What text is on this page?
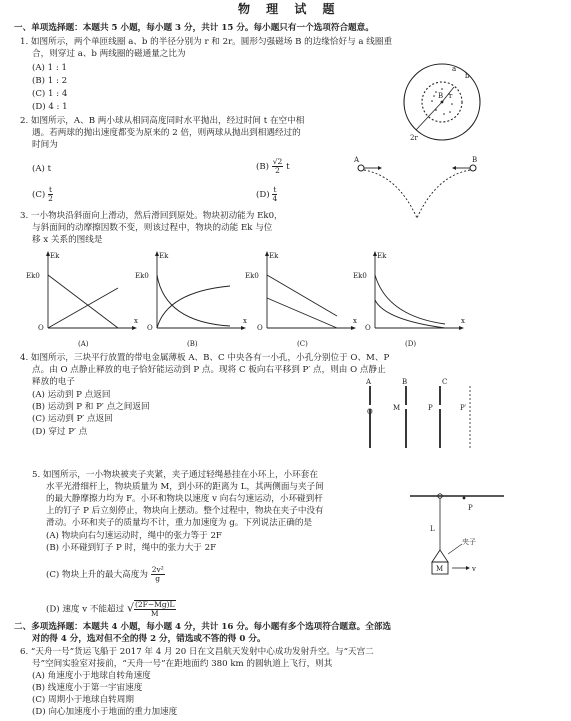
物 理 试 题
一、单项选择题：本题共 5 小题，每小题 3 分，共计 15 分。每小题只有一个选项符合题意。
1. 如图所示，两个单匝线圈 a、b 的半径分别为 r 和 2r。圆形匀强磁场 B 的边缘恰好与 a 线圈重
合，则穿过 a、b 两线圈的磁通量之比为
(A) 1 : 1
(B) 1 : 2
(C) 1 : 4
(D) 4 : 1
a
b
B r
2r
2. 如图所示，A、B 两小球从相同高度同时水平抛出，经过时间 t 在空中相
遇。若两球的抛出速度都变为原来的 2 倍，则两球从抛出到相遇经过的
时间为
(A) t	$(B) \frac{√2}{2}$ t
$(C) \frac{t}{2}$	$(D) \frac{t}{4}$
A	B
3. 一小物块沿斜面向上滑动，然后滑回到原处。物块初动能为 Ek0，
与斜面间的动摩擦因数不变，则该过程中，物块的动能 Ek 与位
移 x 关系的图线是
Ek
Ek0
x
O
(A)
Ek
Ek0
x
O
(B)
Ek
Ek0
x
O
(C)
Ek
Ek0
x
O
(D)
4. 如图所示，三块平行放置的带电金属薄板 A、B、C 中央各有一小孔，小孔分别位于 O、M、P
点。由 O 点静止释放的电子恰好能运动到 P 点。现将 C 板向右平移到 P′ 点，则由 O 点静止
释放的电子
(A) 运动到 P 点返回
(B) 运动到 P 和 P′ 点之间返回
(C) 运动到 P′ 点返回
(D) 穿过 P′ 点
A	B	C
O	M	P	P′
5. 如图所示，一小物块被夹子夹紧，夹子通过轻绳悬挂在小环上，小环套在
水平光滑细杆上，物块质量为 M，到小环的距离为 L，其两侧面与夹子间
的最大静摩擦力均为 F。小环和物块以速度 v 向右匀速运动，小环碰到杆
上的钉子 P 后立刻停止，物块向上摆动。整个过程中，物块在夹子中没有
滑动。小环和夹子的质量均不计，重力加速度为 g。下列说法正确的是
(A) 物块向右匀速运动时，绳中的张力等于 2F
(B) 小环碰到钉子 P 时，绳中的张力大于 2F
(C) 物块上升的最大高度为 $\frac{\text{2v²}}{g}$
(D) 速度 v 不能超过 √ $\frac{(2F-Mg)L}{M}$
P
L
夹子
M	v
二、多项选择题：本题共 4 小题，每小题 4 分，共计 16 分。每小题有多个选项符合题意。全部选
对的得 4 分，选对但不全的得 2 分，错选或不答的得 0 分。
6. “天舟一号”货运飞船于 2017 年 4 月 20 日在文昌航天发射中心成功发射升空。与“天宫二
号”空间实验室对接前，“天舟一号”在距地面约 380 km 的圆轨道上飞行，则其
(A) 角速度小于地球自转角速度
(B) 线速度小于第一宇宙速度
(C) 周期小于地球自转周期
(D) 向心加速度小于地面的重力加速度
